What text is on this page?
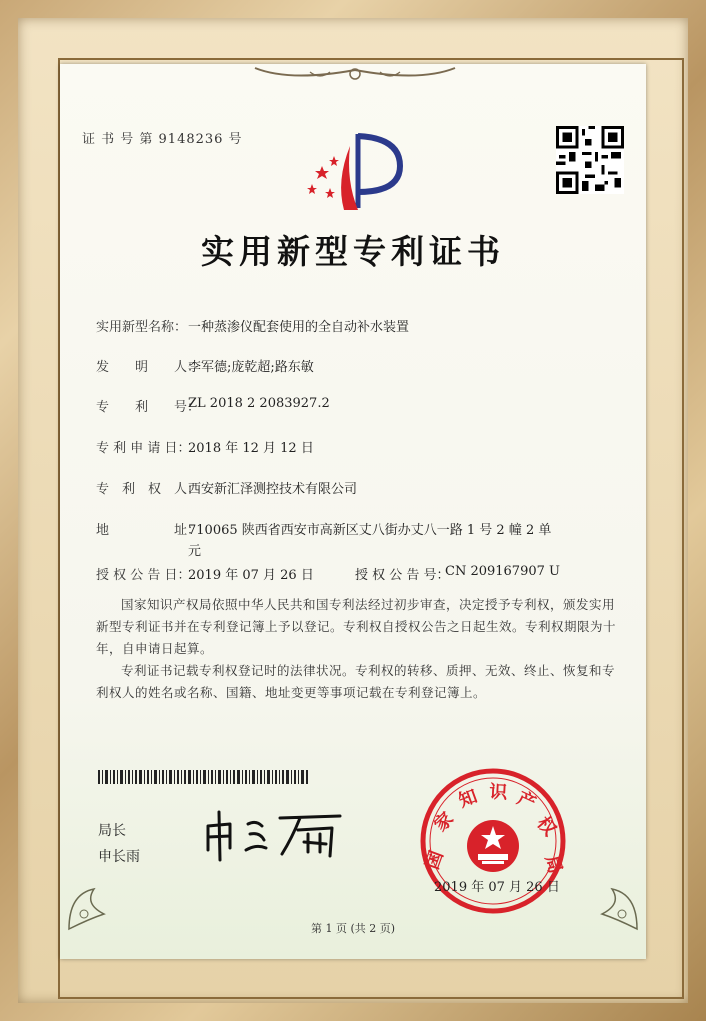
证 书 号 第 9148236 号
实用新型专利证书
实用新型名称： 一种蒸渗仪配套使用的全自动补水装置
发　　明　　人：
李军德;庞乾超;路东敏
专　　利　　号：
ZL 2018 2 2083927.2
专 利 申 请 日：
2018 年 12 月 12 日
专　利　权　人：
西安新汇泽测控技术有限公司
地　　　　　址：
710065 陕西省西安市高新区丈八街办丈八一路 1 号 2 幢 2 单
元
授 权 公 告 日：
2019 年 07 月 26 日	授 权 公 告 号：
CN 209167907 U
国家知识产权局依照中华人民共和国专利法经过初步审查，决定授予专利权，颁发实用新型专利证书并在专利登记簿上予以登记。专利权自授权公告之日起生效。专利权期限为十年，自申请日起算。
专利证书记载专利权登记时的法律状况。专利权的转移、质押、无效、终止、恢复和专利权人的姓名或名称、国籍、地址变更等事项记载在专利登记簿上。
局长
申长雨	国
家
知 识 产
权
局
2019 年 07 月 26 日
第 1 页 (共 2 页)
